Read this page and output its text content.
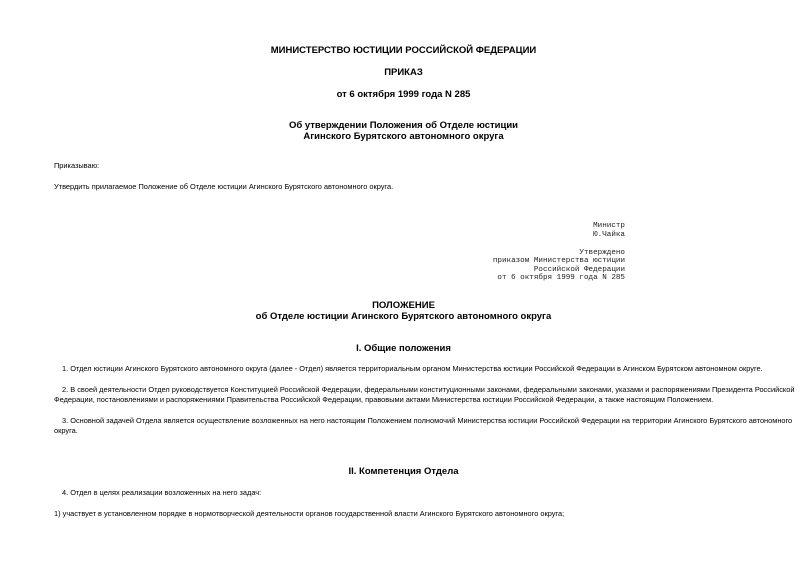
МИНИСТЕРСТВО ЮСТИЦИИ РОССИЙСКОЙ ФЕДЕРАЦИИ
ПРИКАЗ
от 6 октября 1999 года N 285
Об утверждении Положения об Отделе юстиции
Агинского Бурятского автономного округа
Приказываю:
Утвердить прилагаемое Положение об Отделе юстиции Агинского Бурятского автономного округа.
Министр
Ю.Чайка
Утверждено
приказом Министерства юстиции
Российской Федерации
от 6 октября 1999 года N 285
ПОЛОЖЕНИЕ
об Отделе юстиции Агинского Бурятского автономного округа
I. Общие положения
1. Отдел юстиции Агинского Бурятского автономного округа (далее - Отдел) является территориальным органом Министерства юстиции Российской Федерации в Агинском Бурятском автономном округе.
2. В своей деятельности Отдел руководствуется Конституцией Российской Федерации, федеральными конституционными законами, федеральными законами, указами и распоряжениями Президента Российской
Федерации, постановлениями и распоряжениями Правительства Российской Федерации, правовыми актами Министерства юстиции Российской Федерации, а также настоящим Положением.
3. Основной задачей Отдела является осуществление возложенных на него настоящим Положением полномочий Министерства юстиции Российской Федерации на территории Агинского Бурятского автономного
округа.
II. Компетенция Отдела
4. Отдел в целях реализации возложенных на него задач:
1) участвует в установленном порядке в нормотворческой деятельности органов государственной власти Агинского Бурятского автономного округа;
